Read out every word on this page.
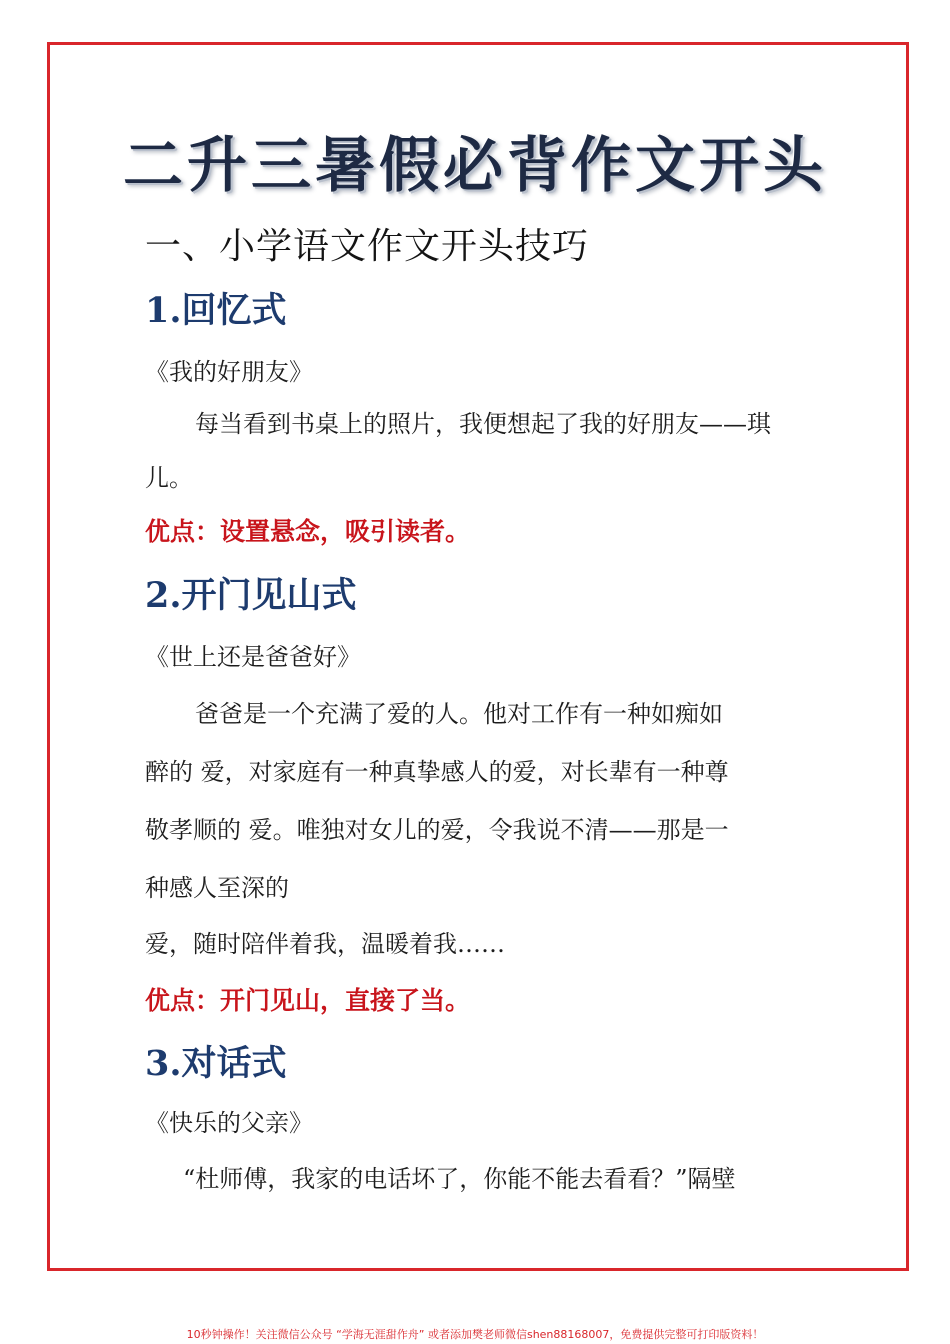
二升三暑假必背作文开头
一、小学语文作文开头技巧
1.回忆式
《我的好朋友》
每当看到书桌上的照片，我便想起了我的好朋友——琪
儿。
优点：设置悬念，吸引读者。
2.开门见山式
《世上还是爸爸好》
爸爸是一个充满了爱的人。他对工作有一种如痴如
醉的 爱，对家庭有一种真挚感人的爱，对长辈有一种尊
敬孝顺的 爱。唯独对女儿的爱，令我说不清——那是一
种感人至深的
爱，随时陪伴着我，温暖着我……
优点：开门见山，直接了当。
3.对话式
《快乐的父亲》
“杜师傅，我家的电话坏了，你能不能去看看？”隔壁
10秒钟操作！关注微信公众号 “学海无涯甜作舟” 或者添加樊老师微信shen88168007，免费提供完整可打印版资料！
